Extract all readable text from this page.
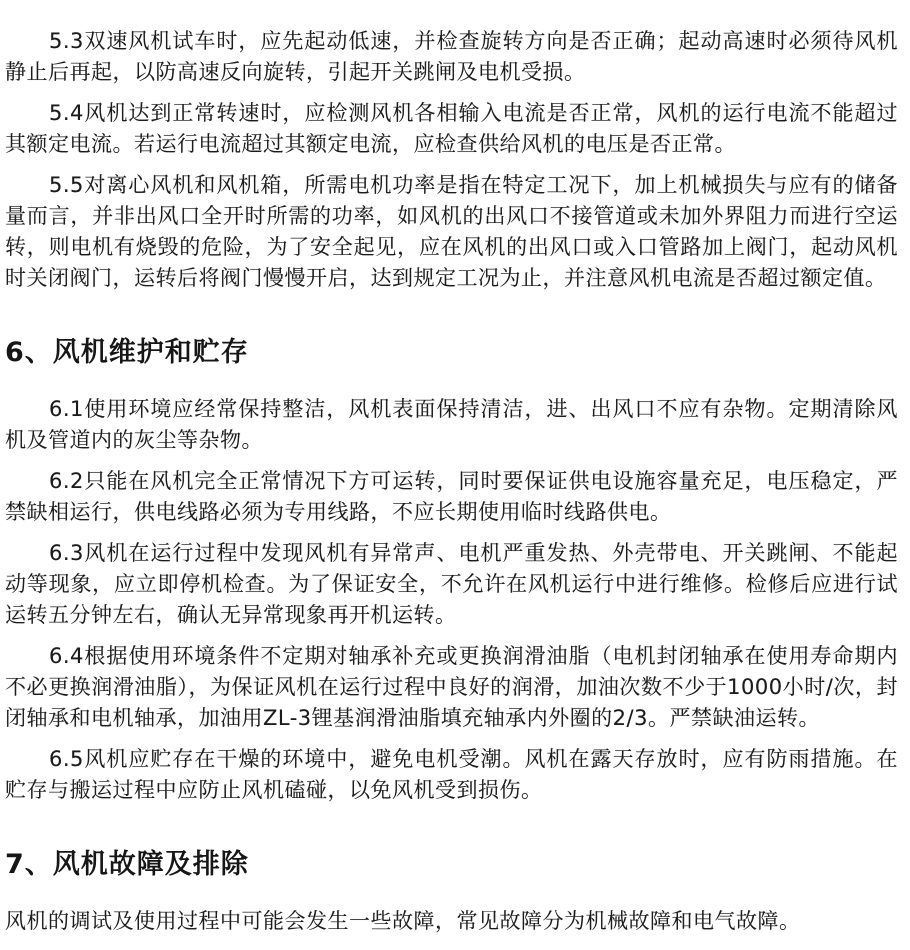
5.3双速风机试车时，应先起动低速，并检查旋转方向是否正确；起动高速时必须待风机静止后再起，以防高速反向旋转，引起开关跳闸及电机受损。

5.4风机达到正常转速时，应检测风机各相输入电流是否正常，风机的运行电流不能超过其额定电流。若运行电流超过其额定电流，应检查供给风机的电压是否正常。

5.5对离心风机和风机箱，所需电机功率是指在特定工况下，加上机械损失与应有的储备量而言，并非出风口全开时所需的功率，如风机的出风口不接管道或未加外界阻力而进行空运转，则电机有烧毁的危险，为了安全起见，应在风机的出风口或入口管路加上阀门，起动风机时关闭阀门，运转后将阀门慢慢开启，达到规定工况为止，并注意风机电流是否超过额定值。

6、风机维护和贮存

6.1使用环境应经常保持整洁，风机表面保持清洁，进、出风口不应有杂物。定期清除风机及管道内的灰尘等杂物。

6.2只能在风机完全正常情况下方可运转，同时要保证供电设施容量充足，电压稳定，严禁缺相运行，供电线路必须为专用线路，不应长期使用临时线路供电。

6.3风机在运行过程中发现风机有异常声、电机严重发热、外壳带电、开关跳闸、不能起动等现象，应立即停机检查。为了保证安全，不允许在风机运行中进行维修。检修后应进行试运转五分钟左右，确认无异常现象再开机运转。

6.4根据使用环境条件不定期对轴承补充或更换润滑油脂（电机封闭轴承在使用寿命期内不必更换润滑油脂），为保证风机在运行过程中良好的润滑，加油次数不少于1000小时/次，封闭轴承和电机轴承，加油用ZL-3锂基润滑油脂填充轴承内外圈的2/3。严禁缺油运转。

6.5风机应贮存在干燥的环境中，避免电机受潮。风机在露天存放时，应有防雨措施。在贮存与搬运过程中应防止风机磕碰，以免风机受到损伤。

7、风机故障及排除

风机的调试及使用过程中可能会发生一些故障，常见故障分为机械故障和电气故障。
